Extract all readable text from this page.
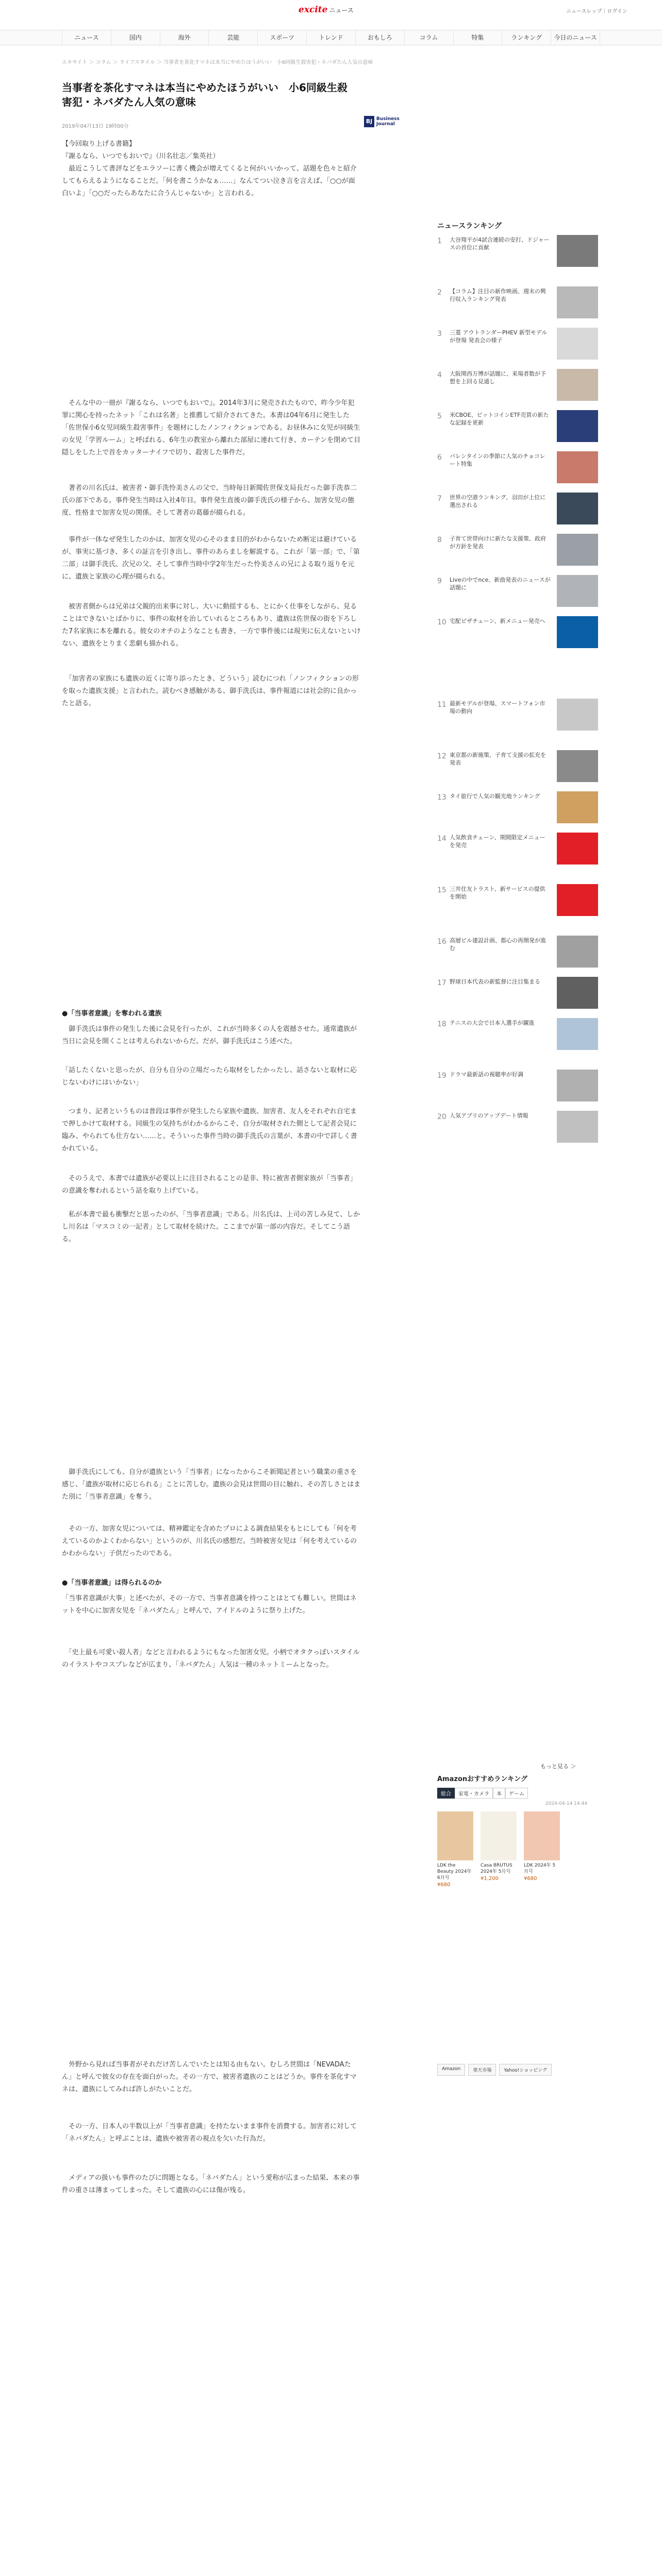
excite ニュース	ニュースレップ｜ログイン
ニュース	国内	海外	芸能	スポーツ	トレンド	おもしろ	コラム	特集	ランキング	今日のニュース
エキサイト ＞ コラム ＞ ライフスタイル ＞ 当事者を茶化すマネは本当にやめたほうがいい　小6同級生殺害犯・ネバダたん人気の意味
当事者を茶化すマネは本当にやめたほうがいい　小6同級生殺害犯・ネバダたん人気の意味
2019年04月13日 19時00分
BJ Business Journal
【今回取り上げる書籍】
『謝るなら、いつでもおいで』（川名壮志／集英社）
　最近こうして書評などをエラソーに書く機会が増えてくると何がいいかって、話題を色々と紹介してもらえるようになることだ。「何を書こうかなぁ……」なんてつい泣き言を言えば、「○○が面白いよ」「○○だったらあなたに合うんじゃないか」と言われる。
　そんな中の一冊が『謝るなら、いつでもおいで』。2014年3月に発売されたもので、昨今少年犯罪に関心を持ったネット「これは名著」と推薦して紹介されてきた。本書は04年6月に発生した「佐世保小6女児同級生殺害事件」を題材にしたノンフィクションである。お昼休みに女児が同級生の女児「学習ルーム」と呼ばれる、6年生の教室から離れた部屋に連れて行き、カーテンを閉めて目隠しをした上で首をカッターナイフで切り、殺害した事件だ。
　著者の川名氏は、被害者・御手洗怜美さんの父で、当時毎日新聞佐世保支局長だった御手洗恭二氏の部下である。事件発生当時は入社4年目。事件発生直後の御手洗氏の様子から、加害女児の態度、性格まで加害女児の関係。そして著者の葛藤が綴られる。
　事件が一体なぜ発生したのかは、加害女児の心そのまま目的がわからないため断定は避けているが、事実に基づき、多くの証言を引き出し、事件のあらましを解説する。これが「第一部」で、「第二部」は御手洗氏、次兄の父、そして事件当時中学2年生だった怜美さんの兄による取り返りを元に、遺族と家族の心理が綴られる。
　被害者側からは兄弟は父親的出来事に対し、大いに動揺するも、とにかく仕事をしながら、見ることはできないとばかりに、事件の取材を治していれるところもあり、遺族は佐世保の街を下ろした7名家族に本を離れる。彼女のオチのようなことも書き、一方で事件後には現実に伝えないといけない、遺族をとりまく悲劇も描かれる。
　「加害者の家族にも遺族の近くに寄り添ったとき、どういう」読むにつれ「ノンフィクションの形を取った遺族支援」と言われた。読むべき感触がある、御手洗氏は、事件報道には社会的に良かったと語る。
●「当事者意識」を奪われる遺族
　御手洗氏は事件の発生した後に会見を行ったが、これが当時多くの人を震撼させた。通常遺族が当日に会見を開くことは考えられないからだ。だが、御手洗氏はこう述べた。
「話したくないと思ったが、自分も自分の立場だったら取材をしたかったし、話さないと取材に応じないわけにはいかない」
　つまり、記者というものは普段は事件が発生したら家族や遺族、加害者、友人をそれぞれ自宅まで押しかけて取材する。同級生の気持ちがわかるからこそ、自分が取材された側として記者会見に臨み、やられても仕方ない……と。そういった事件当時の御手洗氏の言葉が、本書の中で詳しく書かれている。
　そのうえで、本書では遺族が必要以上に注目されることの是非、特に被害者側家族が「当事者」の意識を奪われるという話を取り上げている。
　私が本書で最も衝撃だと思ったのが、「当事者意識」である。川名氏は、上司の苦しみ見て、しかし川名は「マスコミの一記者」として取材を続けた。ここまでが第一部の内容だ。そしてこう語る。
　御手洗氏にしても、自分が遺族という「当事者」になったからこそ新聞記者という職業の重さを感じ、「遺族が取材に応じられる」ことに苦しむ。遺族の会見は世間の目に触れ、その苦しさとはまた別に「当事者意識」を奪う。
　その一方、加害女児については、精神鑑定を含めたプロによる調査結果をもとにしても「何を考えているのかよくわからない」というのが、川名氏の感想だ。当時被害女児は「何を考えているのかわからない」子供だったのである。
●「当事者意識」は得られるのか
「当事者意識が大事」と述べたが、その一方で、当事者意識を持つことはとても難しい。世間はネットを中心に加害女児を「ネバダたん」と呼んで、アイドルのように祭り上げた。
　「史上最も可愛い殺人者」などと言われるようにもなった加害女児。小柄でオタクっぽいスタイルのイラストやコスプレなどが広まり、「ネバダたん」人気は一種のネットミームとなった。
　外野から見れば当事者がそれだけ苦しんでいたとは知る由もない。むしろ世間は「NEVADAたん」と呼んで彼女の存在を面白がった。その一方で、被害者遺族のことはどうか。事件を茶化すマネは、遺族にしてみれば許しがたいことだ。
　その一方、日本人の半数以上が「当事者意識」を持たないまま事件を消費する。加害者に対して「ネバダたん」と呼ぶことは、遺族や被害者の視点を欠いた行為だ。
　メディアの扱いも事件のたびに問題となる。「ネバダたん」という愛称が広まった結果、本来の事件の重さは薄まってしまった。そして遺族の心には傷が残る。
ニュースランキング
1	大谷翔平が4試合連続の安打、ドジャースの首位に貢献
2	【コラム】注目の新作映画、週末の興行収入ランキング発表
3	三菱 アウトランダーPHEV 新型モデルが登場 発表会の様子
4	大阪関西万博が話題に、来場者数が予想を上回る見通し
5	米CBOE、ビットコインETF売買の新たな記録を更新
6	バレンタインの季節に人気のチョコレート特集
7	世界の空港ランキング、羽田が上位に選出される
8	子育て世帯向けに新たな支援策、政府が方針を発表
9	Liveの中でnce、新曲発表のニュースが話題に
10 宅配ピザチェーン、新メニュー発売へ
11 最新モデルが登場、スマートフォン市場の動向
12 東京都の新施策、子育て支援の拡充を発表
13 タイ旅行で人気の観光地ランキング
14 人気飲食チェーン、期間限定メニューを発売
15 三井住友トラスト、新サービスの提供を開始
16 高層ビル建設計画、都心の再開発が進む
17 野球日本代表の新監督に注目集まる
18 テニスの大会で日本人選手が躍進
19 ドラマ最新話の視聴率が好調
20 人気アプリのアップデート情報
もっと見る ＞
Amazonおすすめランキング
総合	家電・カメラ	本	ゲーム
2024-04-14 14:44
LDK the Beauty 2024年 6月号
¥680
Casa BRUTUS 2024年 5月号
¥1,200
LDK 2024年 5月号
¥680
Amazon	楽天市場	Yahoo!ショッピング
